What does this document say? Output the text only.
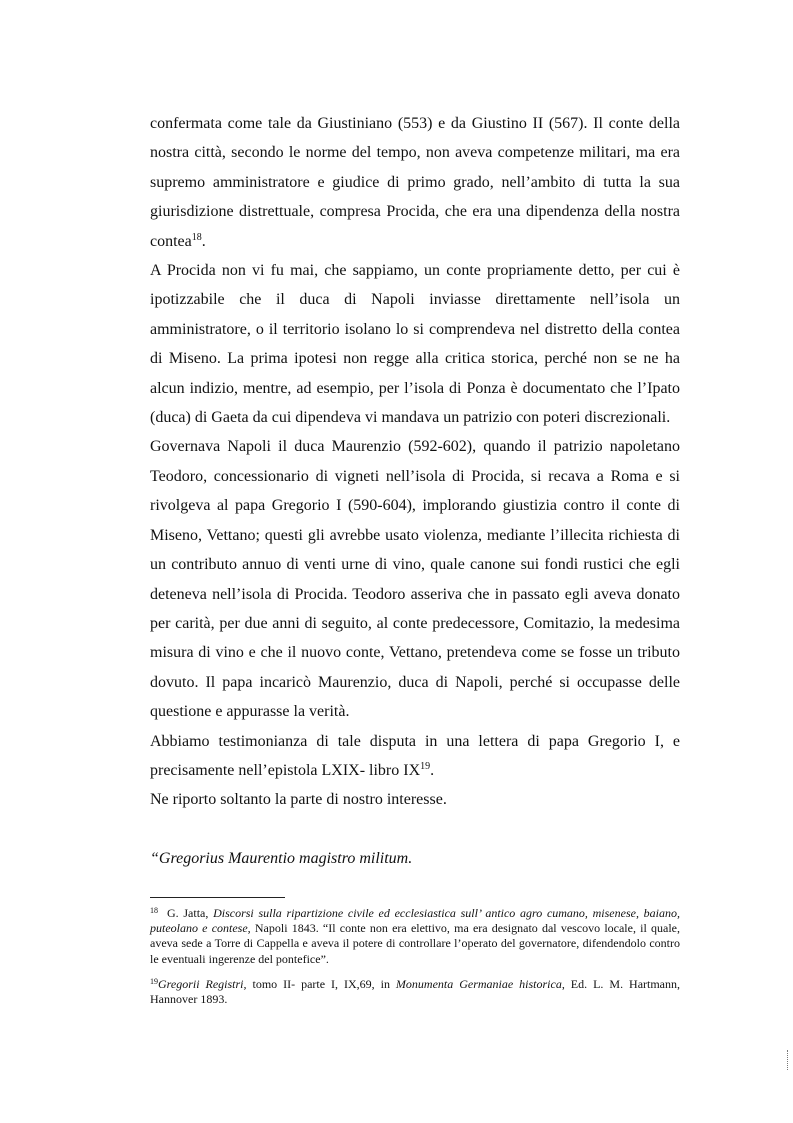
confermata come tale da Giustiniano (553) e da Giustino II (567). Il conte della nostra città, secondo le norme del tempo, non aveva competenze militari, ma era supremo amministratore e giudice di primo grado, nell’ambito di tutta la sua giurisdizione distrettuale, compresa Procida, che era una dipendenza della nostra contea$^{18}$.

A Procida non vi fu mai, che sappiamo, un conte propriamente detto, per cui è ipotizzabile che il duca di Napoli inviasse direttamente nell’isola un amministratore, o il territorio isolano lo si comprendeva nel distretto della contea di Miseno. La prima ipotesi non regge alla critica storica, perché non se ne ha alcun indizio, mentre, ad esempio, per l’isola di Ponza è documentato che l’Ipato (duca) di Gaeta da cui dipendeva vi mandava un patrizio con poteri discrezionali.

Governava Napoli il duca Maurenzio (592-602), quando il patrizio napoletano Teodoro, concessionario di vigneti nell’isola di Procida, si recava a Roma e si rivolgeva al papa Gregorio I (590-604), implorando giustizia contro il conte di Miseno, Vettano; questi gli avrebbe usato violenza, mediante l’illecita richiesta di un contributo annuo di venti urne di vino, quale canone sui fondi rustici che egli deteneva nell’isola di Procida. Teodoro asseriva che in passato egli aveva donato per carità, per due anni di seguito, al conte predecessore, Comitazio, la medesima misura di vino e che il nuovo conte, Vettano, pretendeva come se fosse un tributo dovuto. Il papa incaricò Maurenzio, duca di Napoli, perché si occupasse delle questione e appurasse la verità.

Abbiamo testimonianza di tale disputa in una lettera di papa Gregorio I, e precisamente nell’epistola LXIX- libro IX$^{19}$.

Ne riporto soltanto la parte di nostro interesse.

“Gregorius Maurentio magistro militum.

$^{18}$ G. Jatta, Discorsi sulla ripartizione civile ed ecclesiastica sull’ antico agro cumano, misenese, baiano, puteolano e contese, Napoli 1843. “Il conte non era elettivo, ma era designato dal vescovo locale, il quale, aveva sede a Torre di Cappella e aveva il potere di controllare l’operato del governatore, difendendolo contro le eventuali ingerenze del pontefice”.

$^{19}$Gregorii Registri, tomo II- parte I, IX,69, in Monumenta Germaniae historica, Ed. L. M. Hartmann, Hannover 1893.
